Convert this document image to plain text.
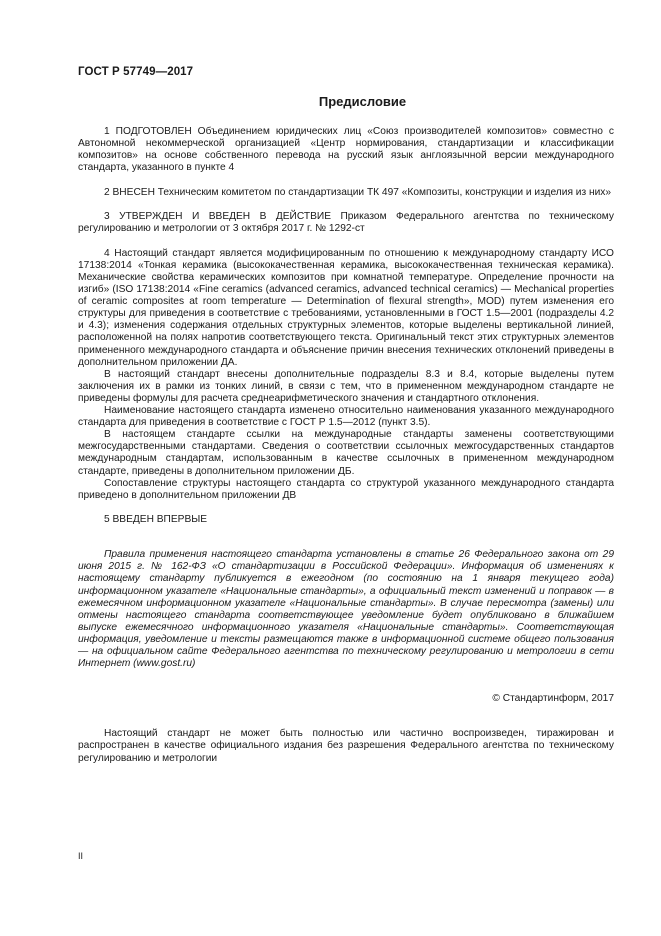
ГОСТ Р 57749—2017
Предисловие

1 ПОДГОТОВЛЕН Объединением юридических лиц «Союз производителей композитов» совместно с Автономной некоммерческой организацией «Центр нормирования, стандартизации и классификации композитов» на основе собственного перевода на русский язык англоязычной версии международного стандарта, указанного в пункте 4

2 ВНЕСЕН Техническим комитетом по стандартизации ТК 497 «Композиты, конструкции и изделия из них»

3 УТВЕРЖДЕН И ВВЕДЕН В ДЕЙСТВИЕ Приказом Федерального агентства по техническому регулированию и метрологии от 3 октября 2017 г. № 1292-ст

4 Настоящий стандарт является модифицированным по отношению к международному стандарту ИСО 17138:2014 «Тонкая керамика (высококачественная керамика, высококачественная техническая керамика). Механические свойства керамических композитов при комнатной температуре. Определение прочности на изгиб» (ISO 17138:2014 «Fine ceramics (advanced ceramics, advanced technical ceramics) — Mechanical properties of ceramic composites at room temperature — Determination of flexural strength», MOD) путем изменения его структуры для приведения в соответствие с требованиями, установленными в ГОСТ 1.5—2001 (подразделы 4.2 и 4.3); изменения содержания отдельных структурных элементов, которые выделены вертикальной линией, расположенной на полях напротив соответствующего текста. Оригинальный текст этих структурных элементов примененного международного стандарта и объяснение причин внесения технических отклонений приведены в дополнительном приложении ДА.

В настоящий стандарт внесены дополнительные подразделы 8.3 и 8.4, которые выделены путем заключения их в рамки из тонких линий, в связи с тем, что в примененном международном стандарте не приведены формулы для расчета среднеарифметического значения и стандартного отклонения.

Наименование настоящего стандарта изменено относительно наименования указанного международного стандарта для приведения в соответствие с ГОСТ Р 1.5—2012 (пункт 3.5).

В настоящем стандарте ссылки на международные стандарты заменены соответствующими межгосударственными стандартами. Сведения о соответствии ссылочных межгосударственных стандартов международным стандартам, использованным в качестве ссылочных в примененном международном стандарте, приведены в дополнительном приложении ДБ.

Сопоставление структуры настоящего стандарта со структурой указанного международного стандарта приведено в дополнительном приложении ДВ

5 ВВЕДЕН ВПЕРВЫЕ

Правила применения настоящего стандарта установлены в статье 26 Федерального закона от 29 июня 2015 г. № 162-ФЗ «О стандартизации в Российской Федерации». Информация об изменениях к настоящему стандарту публикуется в ежегодном (по состоянию на 1 января текущего года) информационном указателе «Национальные стандарты», а официальный текст изменений и поправок — в ежемесячном информационном указателе «Национальные стандарты». В случае пересмотра (замены) или отмены настоящего стандарта соответствующее уведомление будет опубликовано в ближайшем выпуске ежемесячного информационного указателя «Национальные стандарты». Соответствующая информация, уведомление и тексты размещаются также в информационной системе общего пользования — на официальном сайте Федерального агентства по техническому регулированию и метрологии в сети Интернет (www.gost.ru)

© Стандартинформ, 2017

Настоящий стандарт не может быть полностью или частично воспроизведен, тиражирован и распространен в качестве официального издания без разрешения Федерального агентства по техническому регулированию и метрологии

II
